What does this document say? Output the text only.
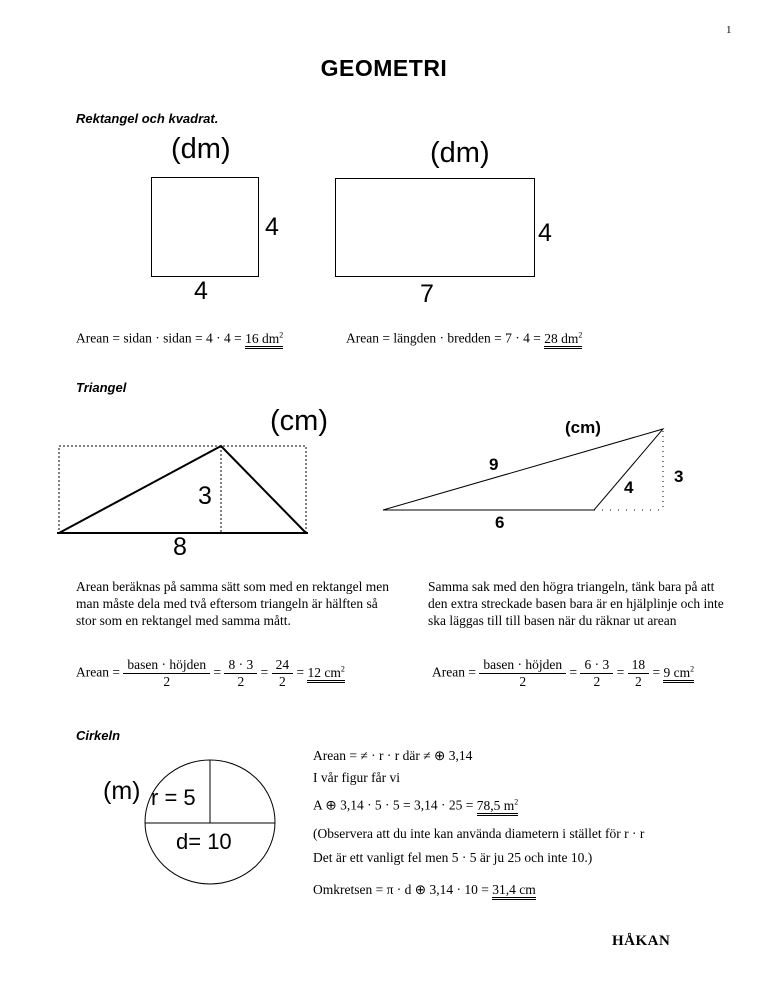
1
GEOMETRI
Rektangel och kvadrat.
(dm)
4
4
(dm)
4
7
Arean = sidan · sidan = 4 · 4 = 16 $dm^2$	Arean = längden · bredden = 7 · 4 = 28 $dm^2$
Triangel
(cm)
3
8
(cm)
9
4
3
6
Arean beräknas på samma sätt som med en rektangel men man måste dela med två eftersom triangeln är hälften så stor som en rektangel med samma mått.
Samma sak med den högra triangeln, tänk bara på att den extra streckade basen bara är en hjälplinje och inte ska läggas till till basen när du räknar ut arean
Arean = $\frac{\text{basen · höjden}}{2} = \frac{8 \cdot 3}{2} = \frac{24}{2} = 12$ $cm^2$	Arean = $\frac{\text{basen · höjden}}{2} = \frac{6 \cdot 3}{2} = \frac{18}{2} = 9$ $cm^2$
Cirkeln
(m) r = 5
d= 10
Arean = ≠ · r · r där ≠ ⊕ 3,14
I vår figur får vi
A ⊕ 3,14 · 5 · 5 = 3,14 · 25 = 78,5 $m^2$
(Observera att du inte kan använda diametern i stället för r · r
Det är ett vanligt fel men 5 · 5 är ju 25 och inte 10.)
Omkretsen = π · d ⊕ 3,14 · 10 = 31,4 cm
HÅKAN
